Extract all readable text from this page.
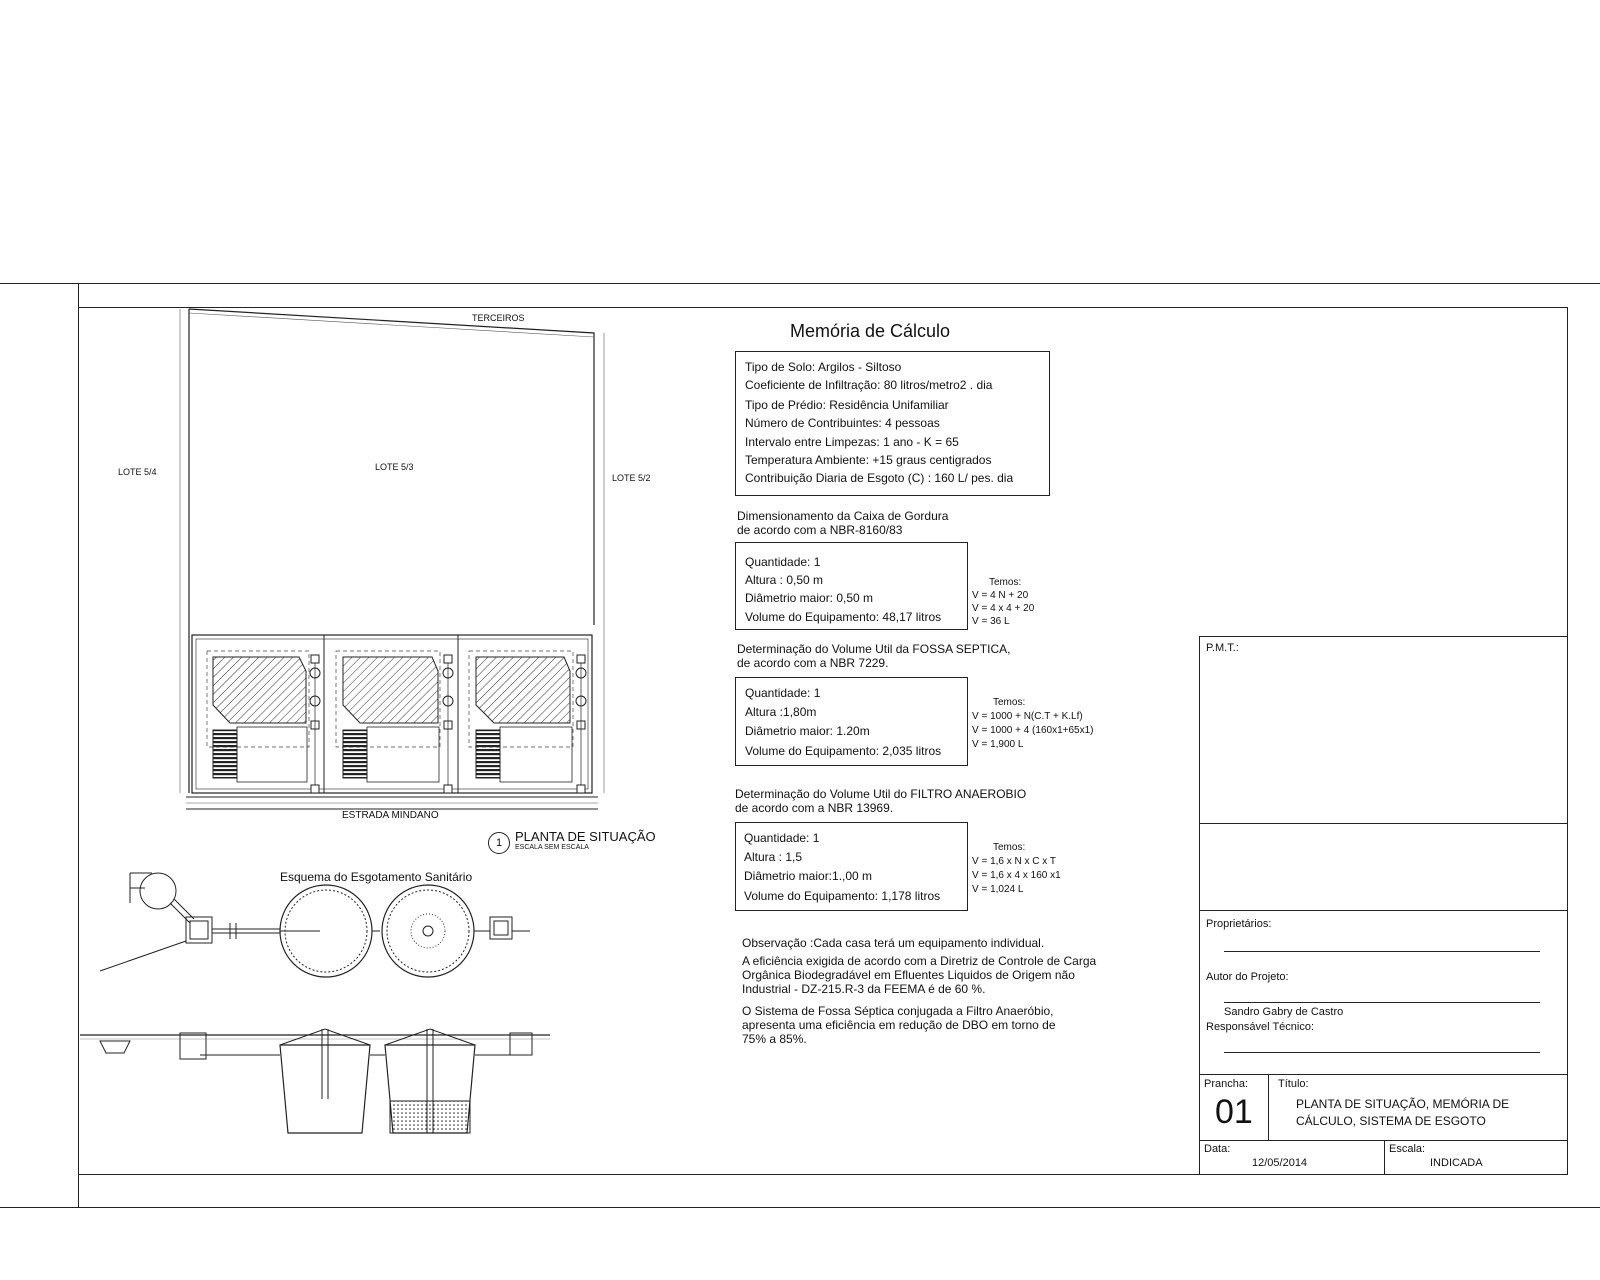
TERCEIROS
LOTE 5/4	LOTE 5/3
LOTE 5/2
ESTRADA MINDANO
1 PLANTA DE SITUAÇÃO
ESCALA SEM ESCALA
Esquema do Esgotamento Sanitário
Memória de Cálculo
Tipo de Solo: Argilos - Siltoso
Coeficiente de Infiltração: 80 litros/metro2 . dia
Tipo de Prédio: Residência Unifamiliar
Número de Contribuintes: 4 pessoas
Intervalo entre Limpezas: 1 ano - K = 65
Temperatura Ambiente: +15 graus centigrados
Contribuição Diaria de Esgoto (C) : 160 L/ pes. dia
Dimensionamento da Caixa de Gordura
de acordo com a NBR-8160/83
Quantidade: 1
Altura : 0,50 m
Diâmetrio maior: 0,50 m
Volume do Equipamento: 48,17 litros
Temos:
V = 4 N + 20
V = 4 x 4 + 20
V = 36 L
Determinação do Volume Util da FOSSA SEPTICA,
de acordo com a NBR 7229.
Quantidade: 1
Altura :1,80m
Diâmetrio maior: 1.20m
Volume do Equipamento: 2,035 litros
Temos:
V = 1000 + N(C.T + K.Lf)
V = 1000 + 4 (160x1+65x1)
V = 1,900 L
Determinação do Volume Util do FILTRO ANAEROBIO
de acordo com a NBR 13969.
Quantidade: 1
Altura : 1,5
Diâmetrio maior:1.,00 m
Volume do Equipamento: 1,178 litros
Temos:
V = 1,6 x N x C x T
V = 1,6 x 4 x 160 x1
V = 1,024 L
Observação :Cada casa terá um equipamento individual.
A eficiência exigida de acordo com a Diretriz de Controle de Carga
Orgânica Biodegradável em Efluentes Liquidos de Origem não
Industrial - DZ-215.R-3 da FEEMA é de 60 %.
O Sistema de Fossa Séptica conjugada a Filtro Anaeróbio,
apresenta uma eficiência em redução de DBO em torno de
75% a 85%.
P.M.T.:
Proprietários:
Autor do Projeto:
Sandro Gabry de Castro
Responsável Técnico:
Prancha:
01
Título:
PLANTA DE SITUAÇÃO, MEMÓRIA DE
CÁLCULO, SISTEMA DE ESGOTO
Data:
12/05/2014
Escala:
INDICADA
